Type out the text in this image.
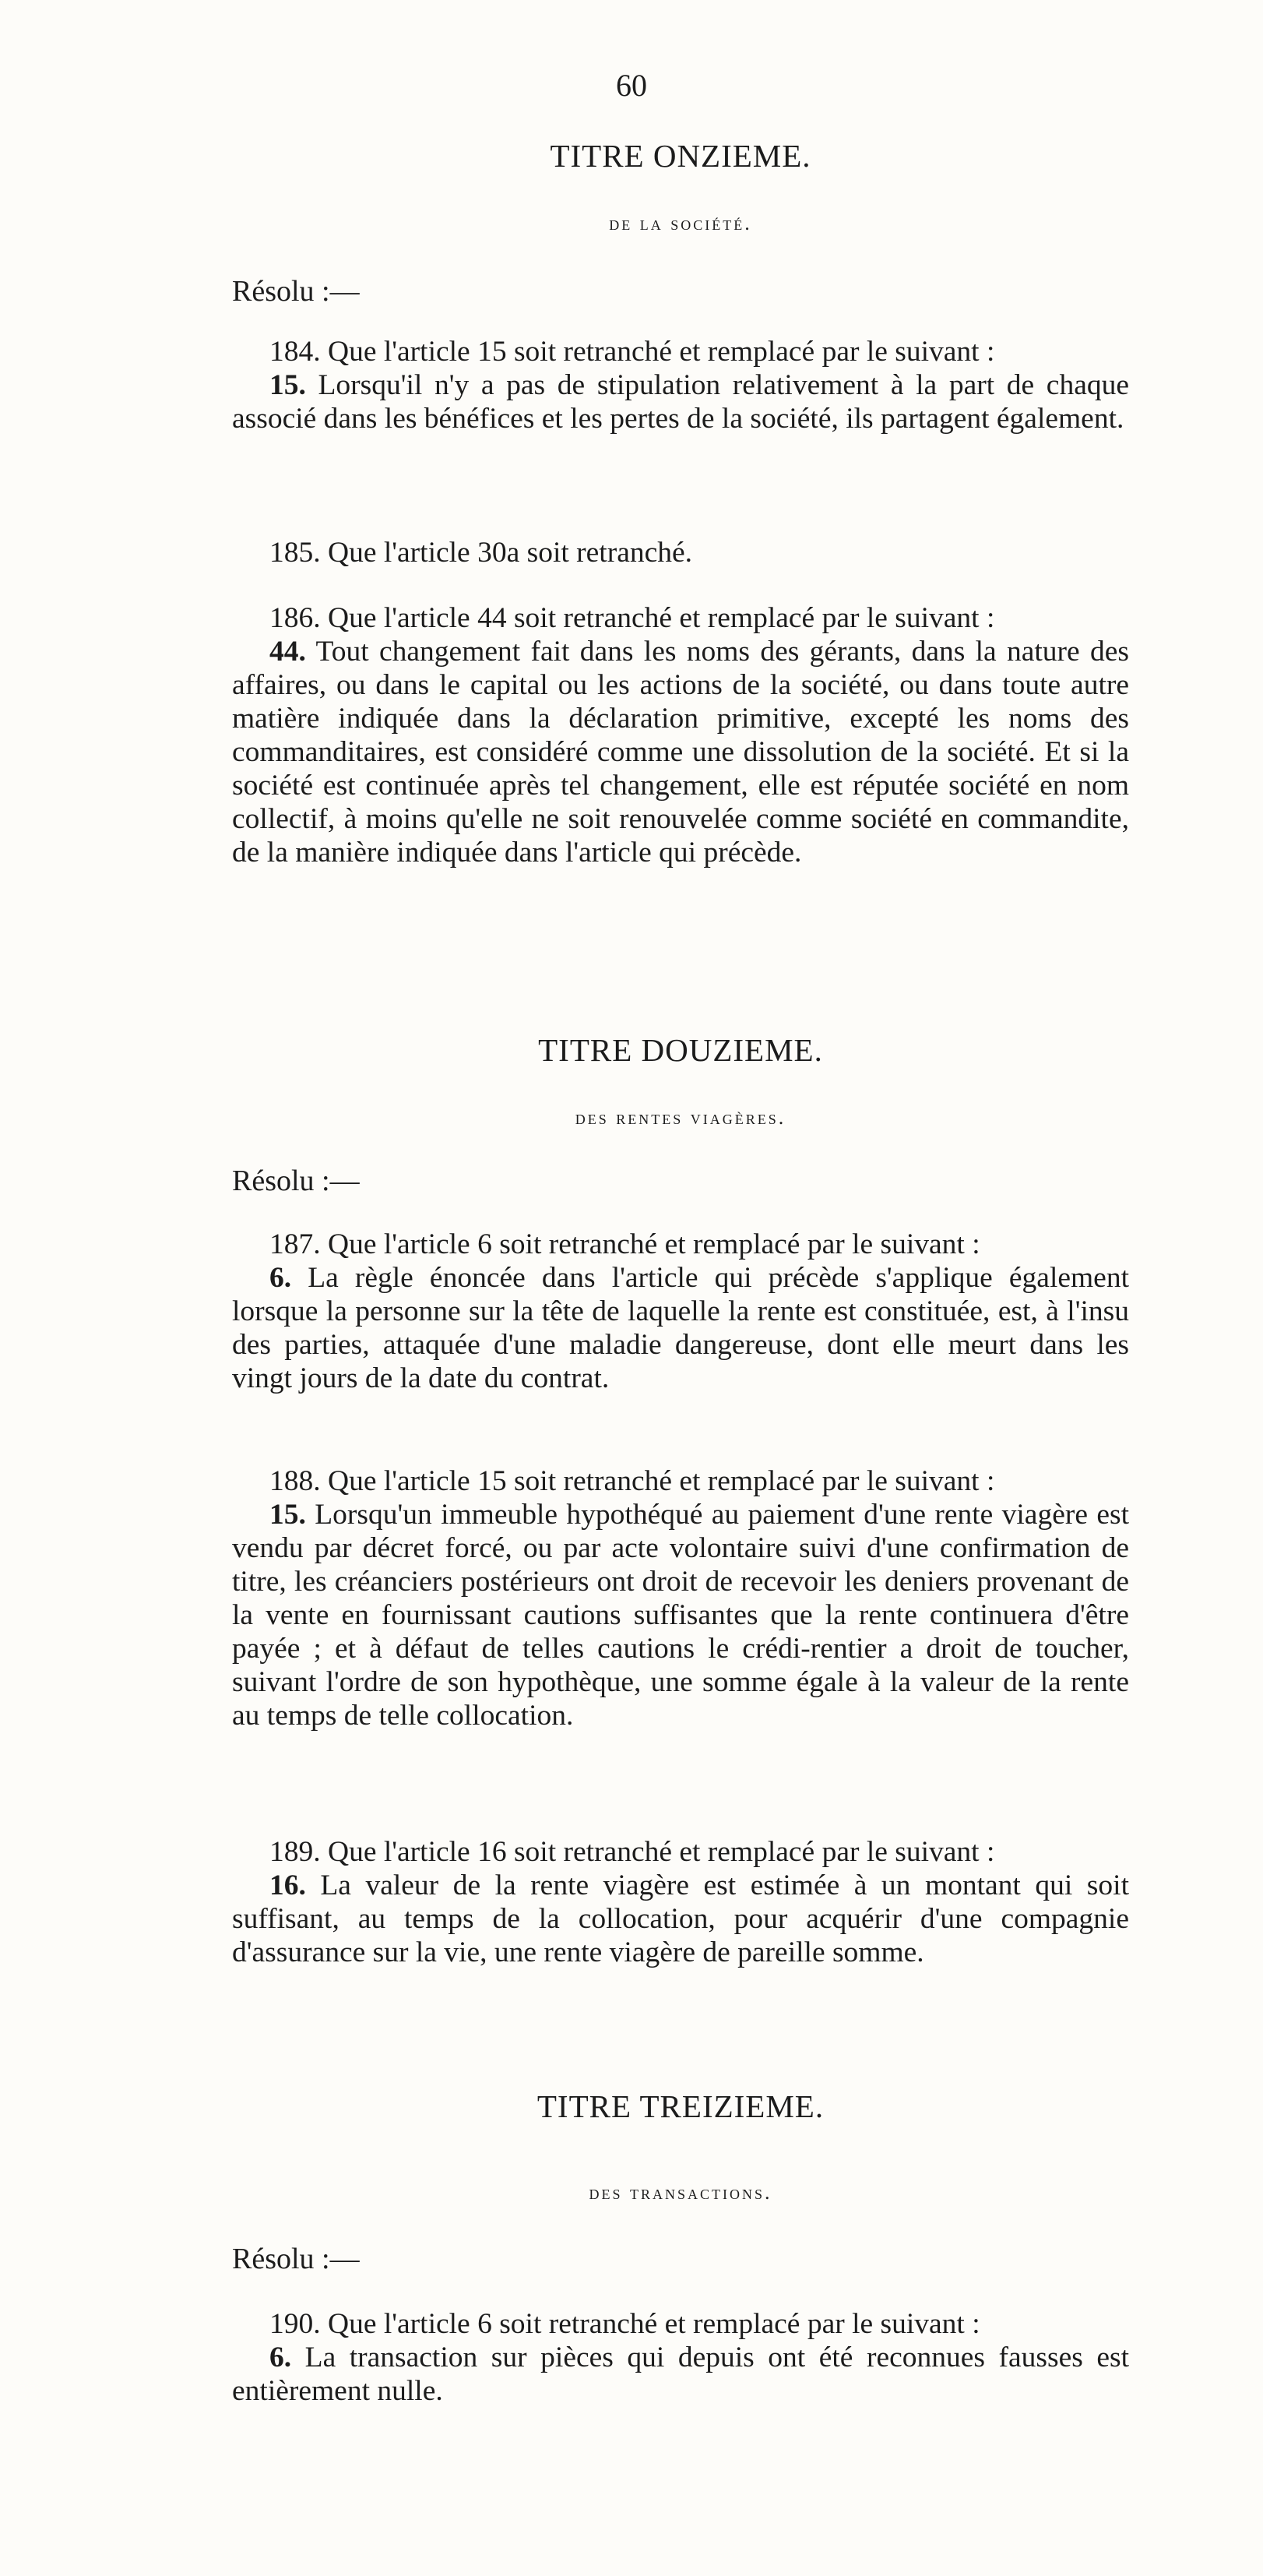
60
TITRE ONZIEME.
de la société.
Résolu :—

184. Que l'article 15 soit retranché et remplacé par le suivant :

15. Lorsqu'il n'y a pas de stipulation relativement à la part de chaque associé dans les bénéfices et les pertes de la société, ils partagent également.

185. Que l'article 30a soit retranché.

186. Que l'article 44 soit retranché et remplacé par le suivant :

44. Tout changement fait dans les noms des gérants, dans la nature des affaires, ou dans le capital ou les actions de la société, ou dans toute autre matière indiquée dans la déclaration primitive, excepté les noms des commanditaires, est considéré comme une dissolution de la société. Et si la société est continuée après tel changement, elle est réputée société en nom collectif, à moins qu'elle ne soit renouvelée comme société en commandite, de la manière indiquée dans l'article qui précède.

TITRE DOUZIEME.
des rentes viagères.
Résolu :—

187. Que l'article 6 soit retranché et remplacé par le suivant :

6. La règle énoncée dans l'article qui précède s'applique également lorsque la personne sur la tête de laquelle la rente est constituée, est, à l'insu des parties, attaquée d'une maladie dangereuse, dont elle meurt dans les vingt jours de la date du contrat.

188. Que l'article 15 soit retranché et remplacé par le suivant :

15. Lorsqu'un immeuble hypothéqué au paiement d'une rente viagère est vendu par décret forcé, ou par acte volontaire suivi d'une confirmation de titre, les créanciers postérieurs ont droit de recevoir les deniers provenant de la vente en fournissant cautions suffisantes que la rente continuera d'être payée ; et à défaut de telles cautions le crédi-rentier a droit de toucher, suivant l'ordre de son hypothèque, une somme égale à la valeur de la rente au temps de telle collocation.

189. Que l'article 16 soit retranché et remplacé par le suivant :

16. La valeur de la rente viagère est estimée à un montant qui soit suffisant, au temps de la collocation, pour acquérir d'une compagnie d'assurance sur la vie, une rente viagère de pareille somme.

TITRE TREIZIEME.
des transactions.
Résolu :—

190. Que l'article 6 soit retranché et remplacé par le suivant :

6. La transaction sur pièces qui depuis ont été reconnues fausses est entièrement nulle.
